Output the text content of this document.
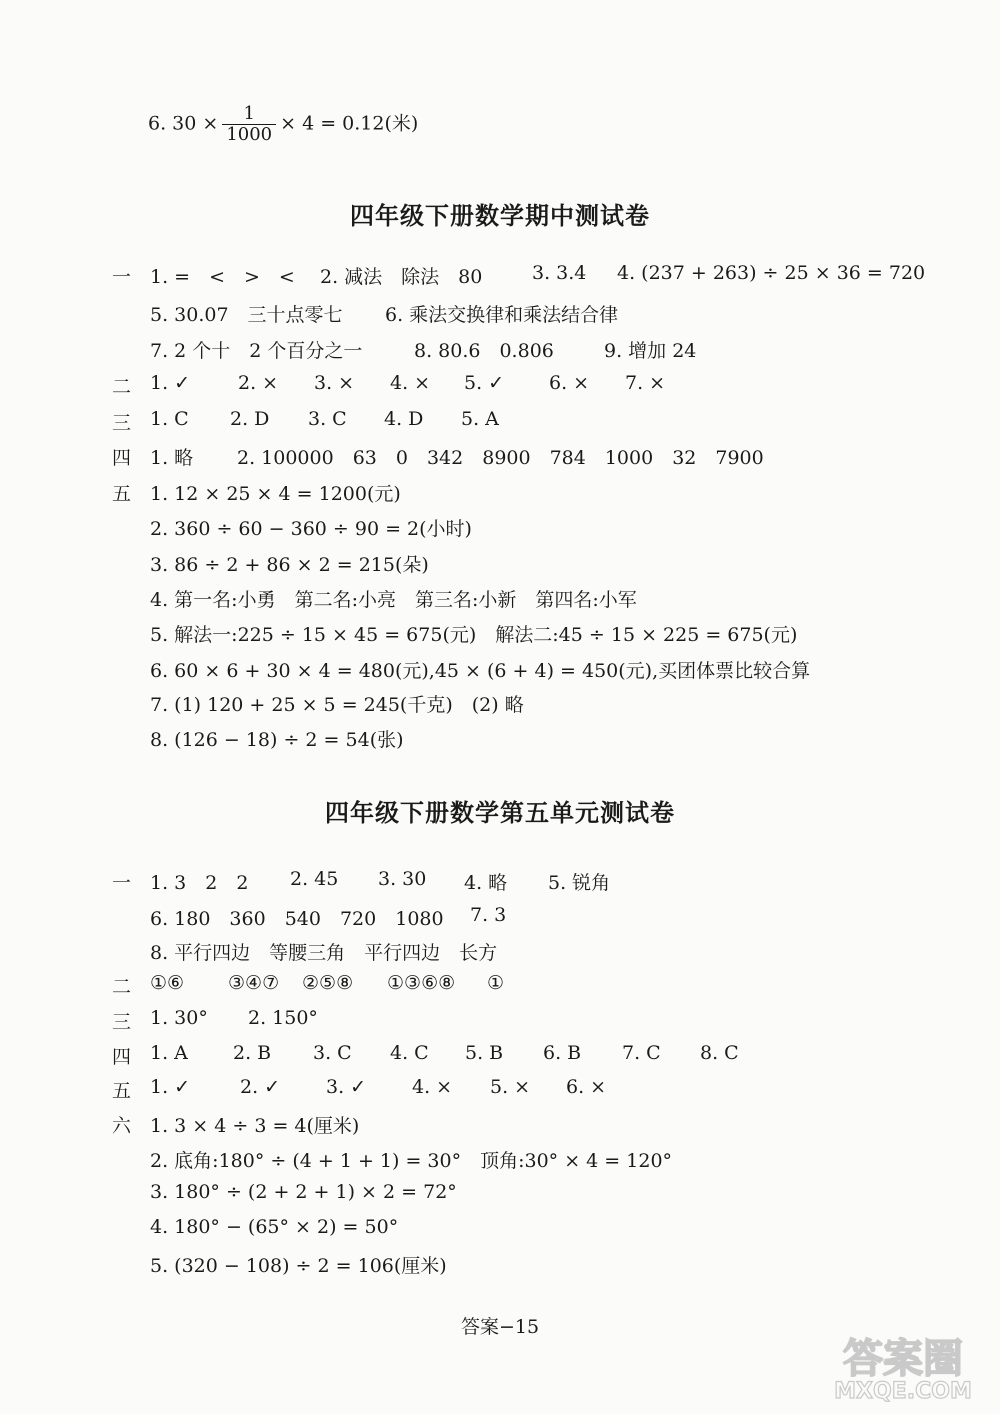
6. $30 \times \frac{1}{1000} \times 4 = 0.12$(米)
四年级下册数学期中测试卷
一 1. =　<　>　< 2. 减法　除法　80	3. 3.4 4. (237 + 263) ÷ 25 × 36 = 720
5. 30.07　三十点零七 6. 乘法交换律和乘法结合律
7. 2 个十　2 个百分之一	8. 80.6　0.806	9. 增加 24
二 1. ✓	2. × 3. × 4. × 5. ✓ 6. × 7. ×
三 1. C 2. D 3. C 4. D 5. A
四 1. 略 2. 100000　63　0　342　8900　784　1000　32　7900
五 1. 12 × 25 × 4 = 1200(元)
2. 360 ÷ 60 − 360 ÷ 90 = 2(小时)
3. 86 ÷ 2 + 86 × 2 = 215(朵)
4. 第一名:小勇　第二名:小亮　第三名:小新　第四名:小军
5. 解法一:225 ÷ 15 × 45 = 675(元)　解法二:45 ÷ 15 × 225 = 675(元)
6. 60 × 6 + 30 × 4 = 480(元),45 × (6 + 4) = 450(元),买团体票比较合算
7. (1) 120 + 25 × 5 = 245(千克)　(2) 略
8. (126 − 18) ÷ 2 = 54(张)
四年级下册数学第五单元测试卷
一 1. 3　2　2 2. 45 3. 30 4. 略 5. 锐角
6. 180　360　540　720　1080 7. 3
8. 平行四边　等腰三角　平行四边　长方
二 ①⑥ ③④⑦ ②⑤⑧ ①③⑥⑧ ①
三 1. 30° 2. 150°
四 1. A 2. B 3. C 4. C 5. B 6. B 7. C 8. C
五 1. ✓	2. ✓ 3. ✓ 4. × 5. × 6. ×
六 1. 3 × 4 ÷ 3 = 4(厘米)
2. 底角:180° ÷ (4 + 1 + 1) = 30°　顶角:30° × 4 = 120°
3. 180° ÷ (2 + 2 + 1) × 2 = 72°
4. 180° − (65° × 2) = 50°
5. (320 − 108) ÷ 2 = 106(厘米)
答案−15
答案圈
MXQE.COM
